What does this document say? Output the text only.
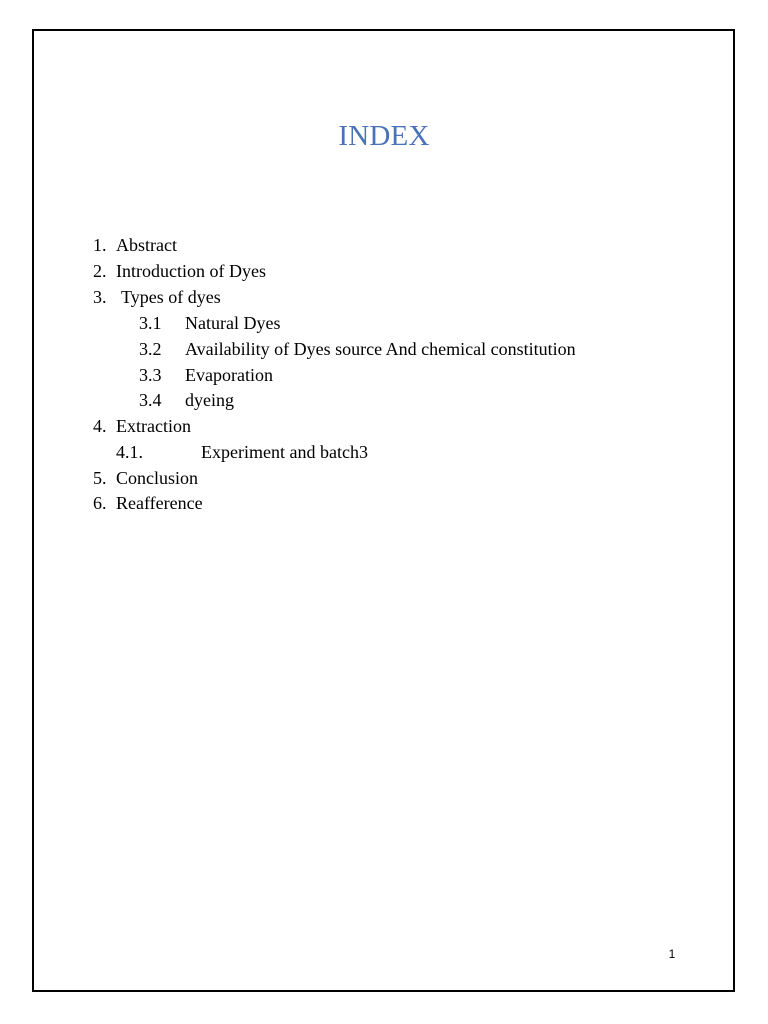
INDEX
1. Abstract
2. Introduction of Dyes
3. Types of dyes
3.1 Natural Dyes
3.2 Availability of Dyes source And chemical constitution
3.3 Evaporation
3.4 dyeing
4. Extraction
4.1.	Experiment and batch3
5. Conclusion
6. Reafference
1
